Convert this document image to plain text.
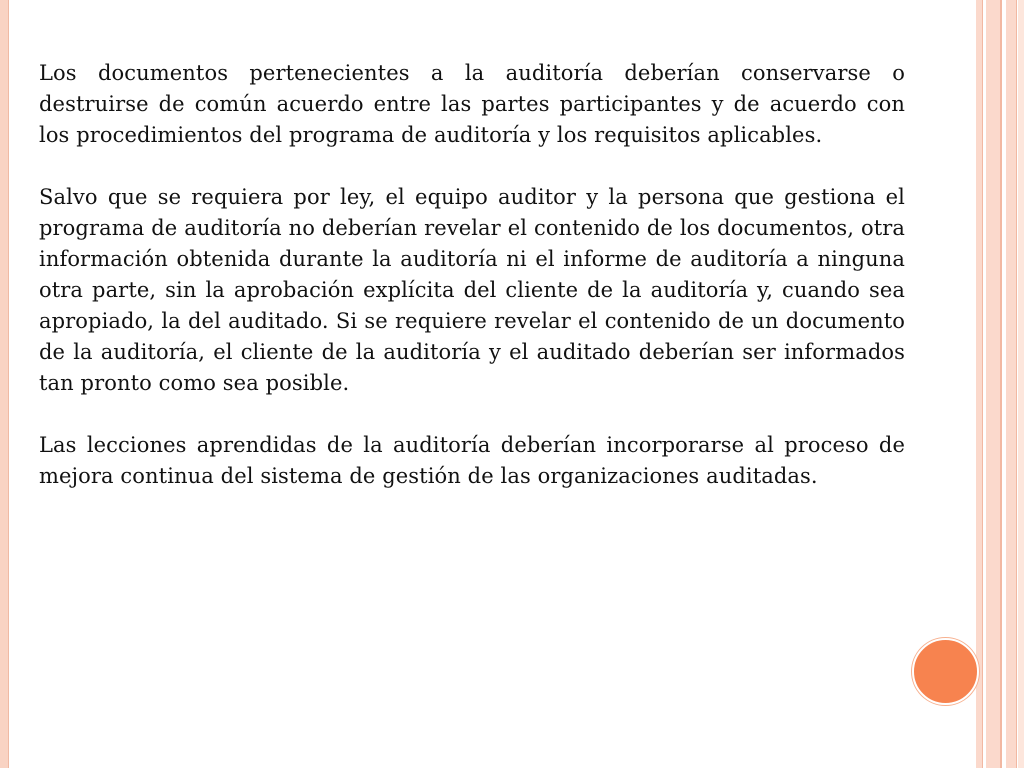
Los documentos pertenecientes a la auditoría deberían conservarse o destruirse de común acuerdo entre las partes participantes y de acuerdo con los procedimientos del programa de auditoría y los requisitos aplicables.

Salvo que se requiera por ley, el equipo auditor y la persona que gestiona el programa de auditoría no deberían revelar el contenido de los documentos, otra información obtenida durante la auditoría ni el informe de auditoría a ninguna otra parte, sin la aprobación explícita del cliente de la auditoría y, cuando sea apropiado, la del auditado. Si se requiere revelar el contenido de un documento de la auditoría, el cliente de la auditoría y el auditado deberían ser informados tan pronto como sea posible.

Las lecciones aprendidas de la auditoría deberían incorporarse al proceso de mejora continua del sistema de gestión de las organizaciones auditadas.
